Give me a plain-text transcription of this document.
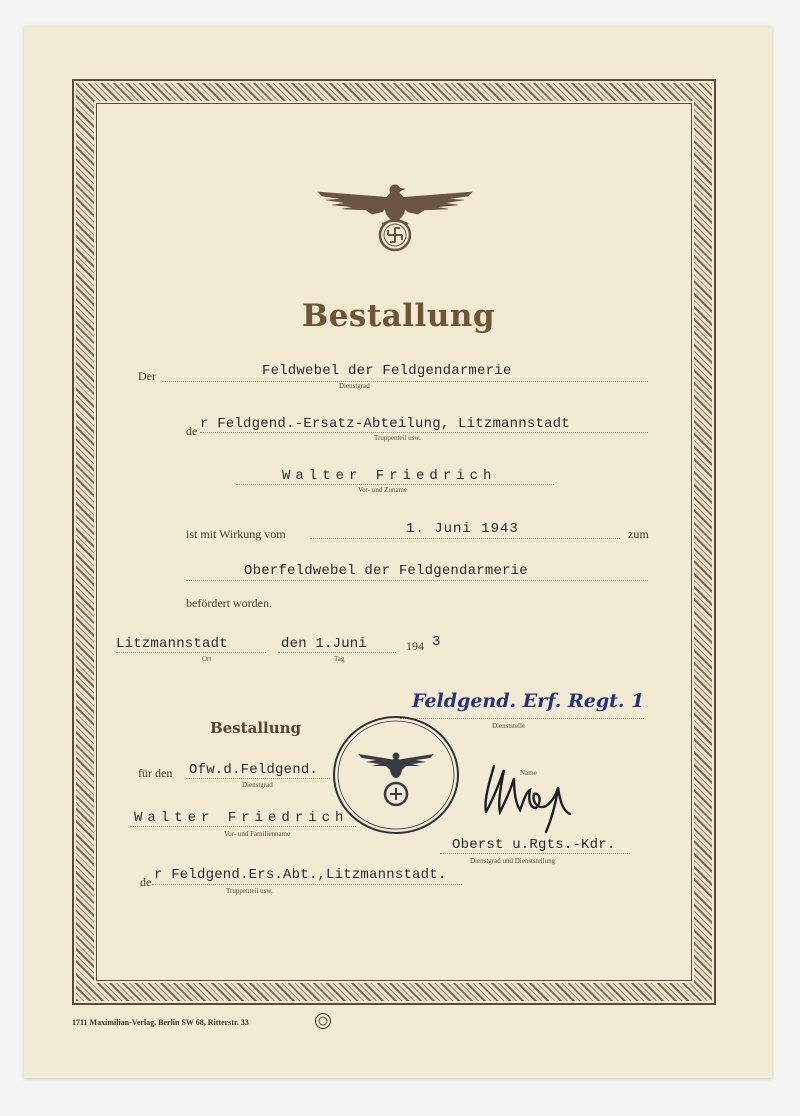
Bestallung
Der	Feldwebel der Feldgendarmerie
Dienstgrad
de r Feldgend.-Ersatz-Abteilung, Litzmannstadt
Truppenteil usw.
Walter Friedrich
Vor- und Zuname
ist mit Wirkung vom	1. Juni 1943	zum
Oberfeldwebel der Feldgendarmerie
befördert worden.
Litzmannstadt
Ort
den 1.Juni
Tag
194 3
Feldgend. Erf. Regt. 1
Dienststelle
Bestallung
Name
für den Ofw.d.Feldgend.
Dienstgrad
Walter Friedrich
Vor- und Familienname
Oberst u.Rgts.-Kdr.
Dienstgrad und Dienststellung
de r Feldgend.Ers.Abt.,Litzmannstadt.
Truppenteil usw.
1711 Maximilian-Verlag, Berlin SW 68, Ritterstr. 33
